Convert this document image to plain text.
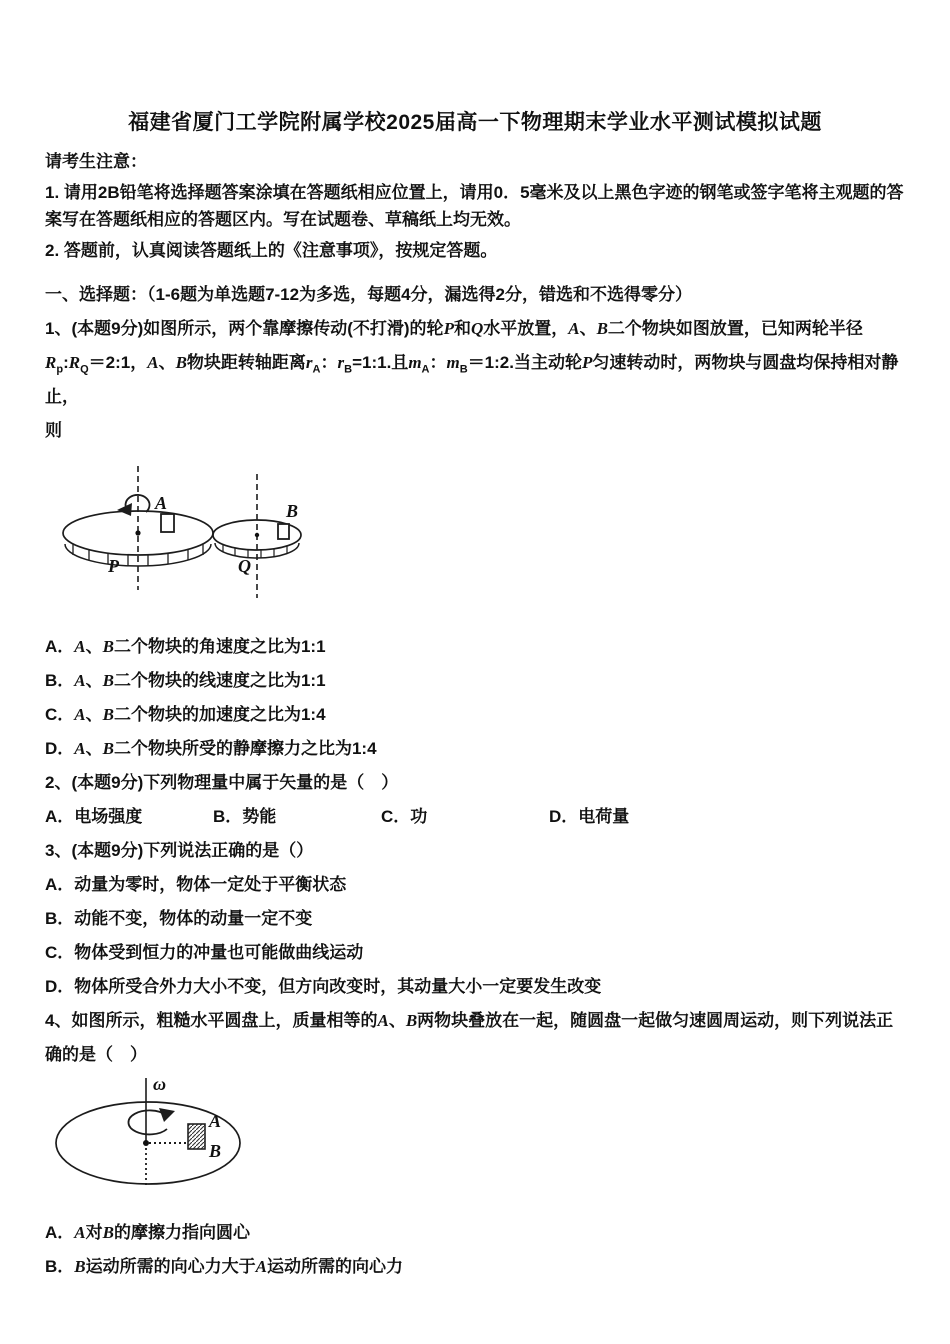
福建省厦门工学院附属学校2025届高一下物理期末学业水平测试模拟试题

请考生注意：

1. 请用2B铅笔将选择题答案涂填在答题纸相应位置上，请用0．5毫米及以上黑色字迹的钢笔或签字笔将主观题的答案写在答题纸相应的答题区内。写在试题卷、草稿纸上均无效。

2. 答题前，认真阅读答题纸上的《注意事项》，按规定答题。

一、选择题：（1-6题为单选题7-12为多选，每题4分，漏选得2分，错选和不选得零分）

1、(本题9分)如图所示，两个靠摩擦传动(不打滑)的轮P和Q水平放置，A、B二个物块如图放置，已知两轮半径

$R_p:R_Q=2:1$，A、B物块距转轴距离$r_A$：$r_B=1:1$.且$m_A$：$m_B=1:2$.当主动轮P匀速转动时，两物块与圆盘均保持相对静止，

则

A	B
P	Q

A．A、B二个物块的角速度之比为1:1

B．A、B二个物块的线速度之比为1:1

C．A、B二个物块的加速度之比为1:4

D．A、B二个物块所受的静摩擦力之比为1:4

2、(本题9分)下列物理量中属于矢量的是（　）

A．电场强度	B．势能	C．功	D．电荷量

3、(本题9分)下列说法正确的是（）

A．动量为零时，物体一定处于平衡状态

B．动能不变，物体的动量一定不变

C．物体受到恒力的冲量也可能做曲线运动

D．物体所受合外力大小不变，但方向改变时，其动量大小一定要发生改变

4、如图所示，粗糙水平圆盘上，质量相等的A、B两物块叠放在一起，随圆盘一起做匀速圆周运动，则下列说法正确的是（　）

ω
A
B

A．A对B的摩擦力指向圆心

B．B运动所需的向心力大于A运动所需的向心力
